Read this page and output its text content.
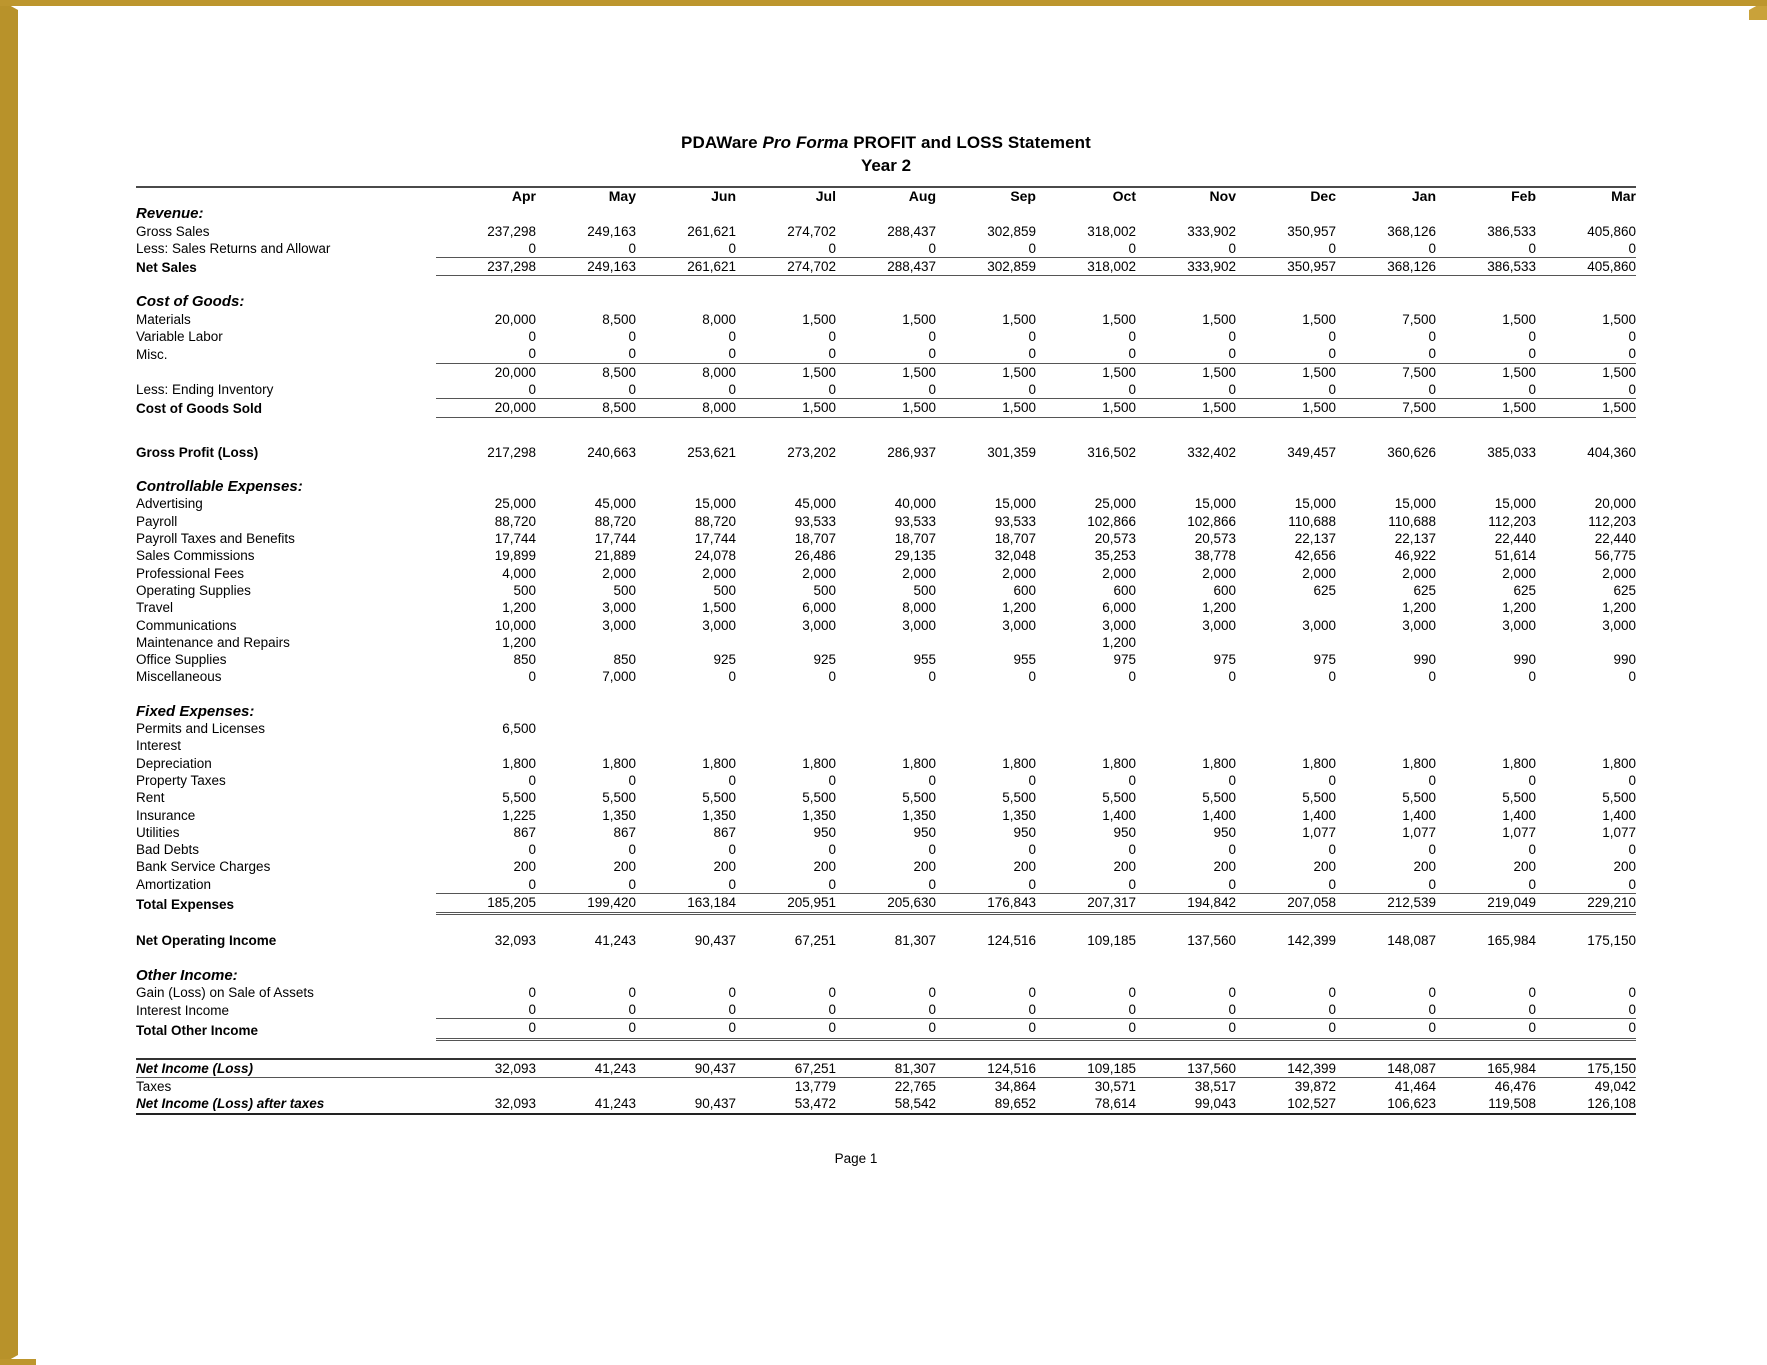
PDAWare Pro Forma PROFIT and LOSS Statement
Year 2
	Apr	May	Jun	Jul	Aug	Sep	Oct	Nov	Dec	Jan	Feb	Mar
Revenue:												
Gross Sales	237,298	249,163	261,621	274,702	288,437	302,859	318,002	333,902	350,957	368,126	386,533	405,860
Less: Sales Returns and Allowar	0	0	0	0	0	0	0	0	0	0	0	0
Net Sales	237,298	249,163	261,621	274,702	288,437	302,859	318,002	333,902	350,957	368,126	386,533	405,860

Cost of Goods:												
Materials	20,000	8,500	8,000	1,500	1,500	1,500	1,500	1,500	1,500	7,500	1,500	1,500
Variable Labor	0	0	0	0	0	0	0	0	0	0	0	0
Misc.	0	0	0	0	0	0	0	0	0	0	0	0
	20,000	8,500	8,000	1,500	1,500	1,500	1,500	1,500	1,500	7,500	1,500	1,500
Less: Ending Inventory	0	0	0	0	0	0	0	0	0	0	0	0
Cost of Goods Sold	20,000	8,500	8,000	1,500	1,500	1,500	1,500	1,500	1,500	7,500	1,500	1,500

Gross Profit (Loss)	217,298	240,663	253,621	273,202	286,937	301,359	316,502	332,402	349,457	360,626	385,033	404,360

Controllable Expenses:												
Advertising	25,000	45,000	15,000	45,000	40,000	15,000	25,000	15,000	15,000	15,000	15,000	20,000
Payroll	88,720	88,720	88,720	93,533	93,533	93,533	102,866	102,866	110,688	110,688	112,203	112,203
Payroll Taxes and Benefits	17,744	17,744	17,744	18,707	18,707	18,707	20,573	20,573	22,137	22,137	22,440	22,440
Sales Commissions	19,899	21,889	24,078	26,486	29,135	32,048	35,253	38,778	42,656	46,922	51,614	56,775
Professional Fees	4,000	2,000	2,000	2,000	2,000	2,000	2,000	2,000	2,000	2,000	2,000	2,000
Operating Supplies	500	500	500	500	500	600	600	600	625	625	625	625
Travel	1,200	3,000	1,500	6,000	8,000	1,200	6,000	1,200		1,200	1,200	1,200
Communications	10,000	3,000	3,000	3,000	3,000	3,000	3,000	3,000	3,000	3,000	3,000	3,000
Maintenance and Repairs	1,200						1,200					
Office Supplies	850	850	925	925	955	955	975	975	975	990	990	990
Miscellaneous	0	7,000	0	0	0	0	0	0	0	0	0	0

Fixed Expenses:												
Permits and Licenses	6,500											
Interest												
Depreciation	1,800	1,800	1,800	1,800	1,800	1,800	1,800	1,800	1,800	1,800	1,800	1,800
Property Taxes	0	0	0	0	0	0	0	0	0	0	0	0
Rent	5,500	5,500	5,500	5,500	5,500	5,500	5,500	5,500	5,500	5,500	5,500	5,500
Insurance	1,225	1,350	1,350	1,350	1,350	1,350	1,400	1,400	1,400	1,400	1,400	1,400
Utilities	867	867	867	950	950	950	950	950	1,077	1,077	1,077	1,077
Bad Debts	0	0	0	0	0	0	0	0	0	0	0	0
Bank Service Charges	200	200	200	200	200	200	200	200	200	200	200	200
Amortization	0	0	0	0	0	0	0	0	0	0	0	0
Total Expenses	185,205	199,420	163,184	205,951	205,630	176,843	207,317	194,842	207,058	212,539	219,049	229,210

Net Operating Income	32,093	41,243	90,437	67,251	81,307	124,516	109,185	137,560	142,399	148,087	165,984	175,150

Other Income:												
Gain (Loss) on Sale of Assets	0	0	0	0	0	0	0	0	0	0	0	0
Interest Income	0	0	0	0	0	0	0	0	0	0	0	0
Total Other Income	0	0	0	0	0	0	0	0	0	0	0	0

Net Income (Loss)	32,093	41,243	90,437	67,251	81,307	124,516	109,185	137,560	142,399	148,087	165,984	175,150
Taxes				13,779	22,765	34,864	30,571	38,517	39,872	41,464	46,476	49,042
Net Income (Loss) after taxes	32,093	41,243	90,437	53,472	58,542	89,652	78,614	99,043	102,527	106,623	119,508	126,108
Page 1
